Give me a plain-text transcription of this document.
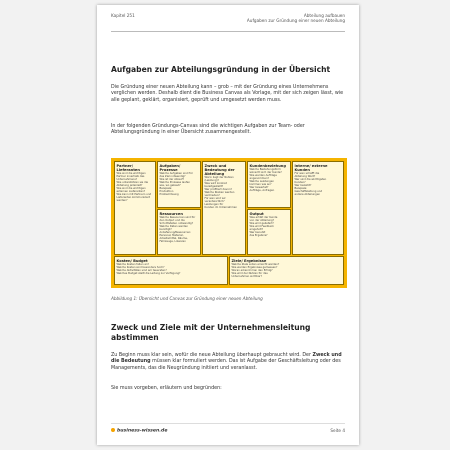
Kapitel 251	Abteilung aufbauen
Aufgaben zur Gründung einer neuen Abteilung
Aufgaben zur Abteilungsgründung in der Übersicht
Die Gründung einer neuen Abteilung kann – grob – mit der Gründung eines Unternehmens verglichen werden. Deshalb dient die Business Canvas als Vorlage, mit der sich zeigen lässt, wie alle geplant, geklärt, organisiert, geprüft und umgesetzt werden muss.
In der folgenden Gründungs-Canvas sind die wichtigen Aufgaben zur Team- oder Abteilungsgründung in einer Übersicht zusammengestellt.
Partner/ Lieferanten
Wie sind die wichtigen
Partner innerhalb des
Unternehmens?
Wie unterstützen sie die
Abteilung jederzeit?
Wie sind die wichtigen
externen Lieferanten?
Wie kann mit Partnern und
Lieferanten kommuniziert
werden?
Aufgaben/ Prozesse
Welche Aufgaben sind für
das Ziel notwendig?
Wie ist der Ablauf?
Welche Prozesse laufen
wie, wo gebaut?
Beispiele:
Produktion
Problemlösung
Ressourcen
Welche Ressourcen sind für
den Output und die
Schnittstellen notwendig?
Welche Daten werden
benötigt?
Anlieferung/Ressourcen:
Personal, Material,
Arbeitsmittel, Räume,
Fahrzeuge, Lizenzen
Zweck und Bedeutung der Abteilung
Worin liegt der Nutzen
(Leistung)?
Was wird konkret
bereitgestellt?
Wer profitiert davon?
Welche Risiken werden
vermieden?
Für wen sind wir
verantwortlich?
Leistungen für
Kunden im Unternehmen
Kundenbeziehung
Welche Beziehungsform
wünscht sich der Kunde?
Wie werden Aufträge
angenommen?
Welche Leistungen
kommen wie an?
Wer bewertet?
Aufträge, Anfragen
Output
Was erhält der Kunde
von der Abteilung?
Wie wird geliefert?
Wie wird Feedback
eingeholt?
Wer benutzt
das Ergebnis?
interne/ externe Kunden
Für wen schafft die
Abteilung Wert?
Wer sind die wichtigsten
Kunden?
Wer bezahlt?
Beispiele:
Geschäftsleitung und
andere Abteilungen
Kosten/ Budget
Welche Kosten fallen an?
Welche Kosten sind besonders hoch?
Welche Aktivitäten sind am teuersten?
Welches Budget stellt die Leitung zur Verfügung?
Ziele/ Ergebnisse
Welche Ziele sollen erreicht werden?
Wie werden Ergebnisse gemessen?
Woran erkennt man den Erfolg?
Wie wird der Nutzen für das
Unternehmen sichtbar?
Abbildung 1: Übersicht und Canvas zur Gründung einer neuen Abteilung
Zweck und Ziele mit der Unternehmensleitung abstimmen
Zu Beginn muss klar sein, wofür die neue Abteilung überhaupt gebraucht wird. Der Zweck und die Bedeutung müssen klar formuliert werden. Das ist Aufgabe der Geschäftsleitung oder des Managements, das die Neugründung initiiert und veranlasst.
Sie muss vorgeben, erläutern und begründen:
business-wissen.de	Seite 4
